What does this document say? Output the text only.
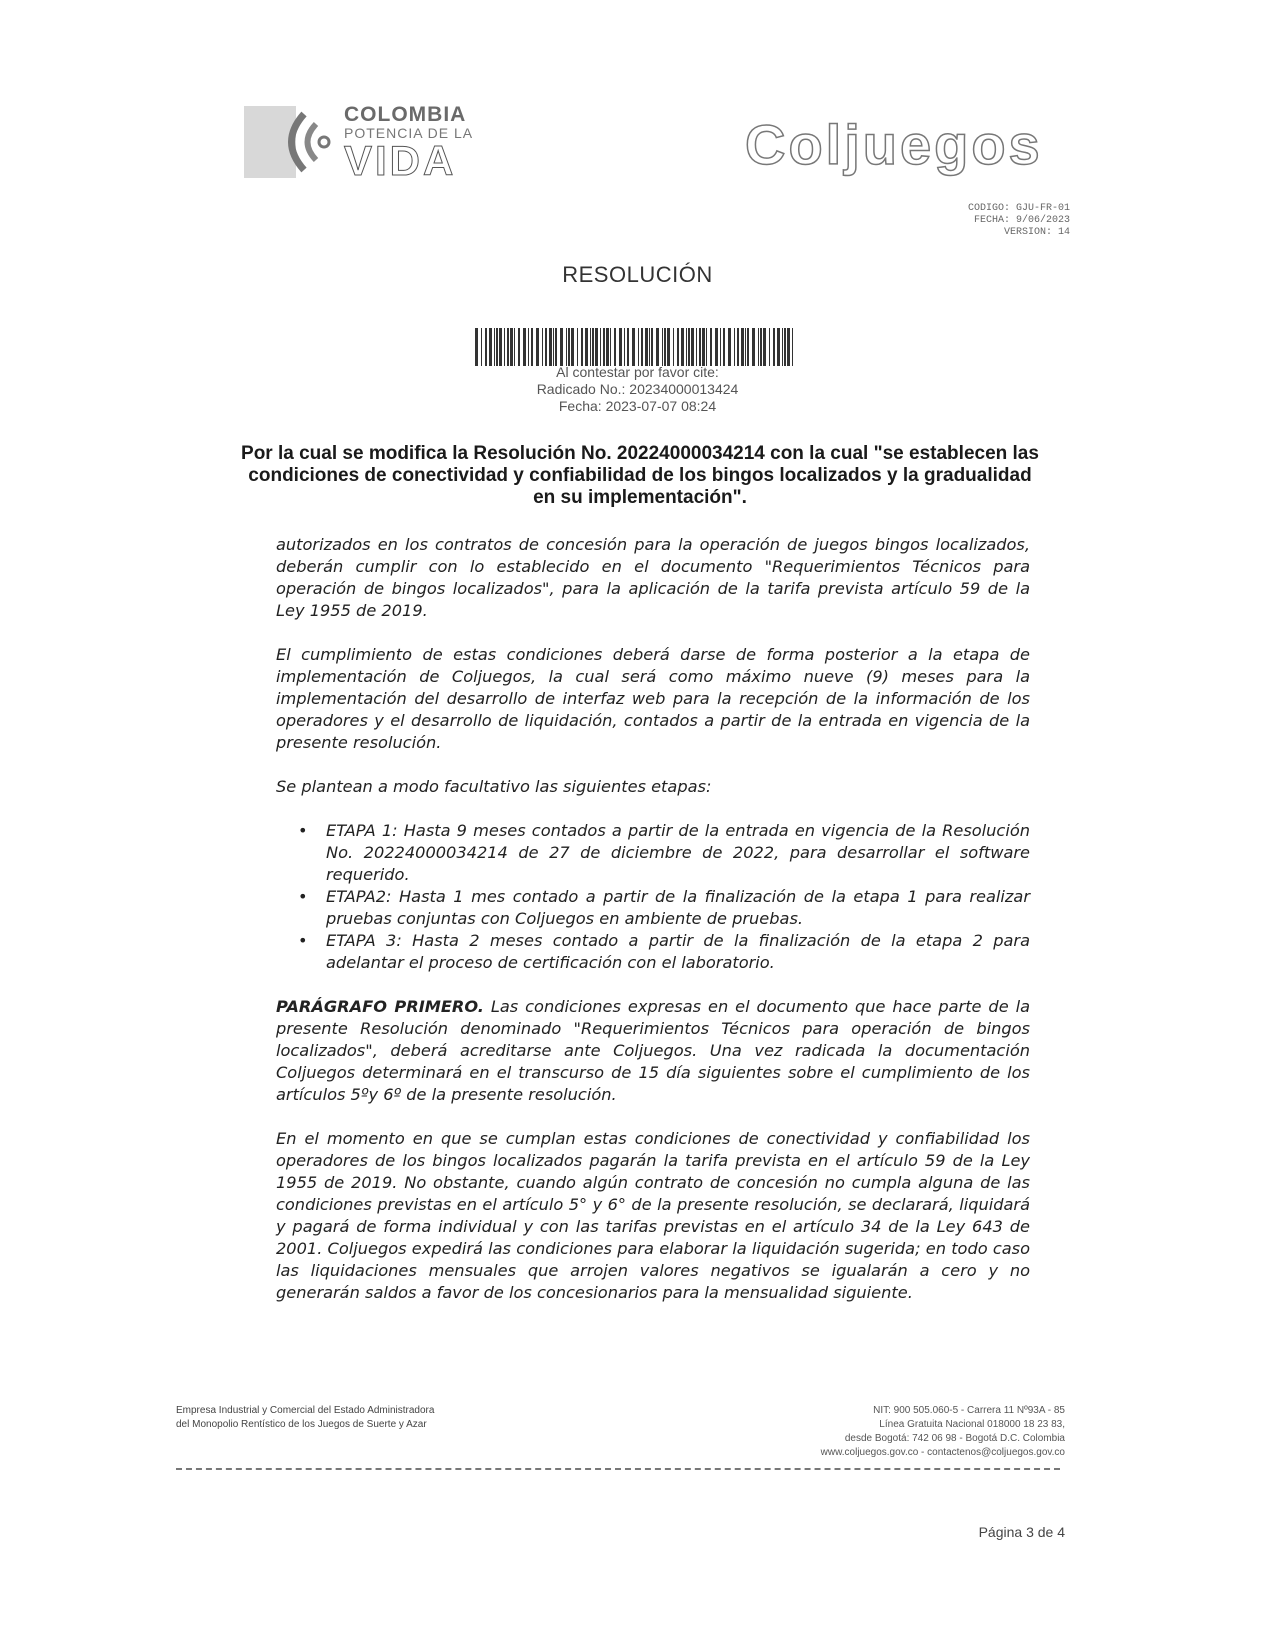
COLOMBIA
POTENCIA DE LA
VIDA	Coljuegos
CODIGO: GJU-FR-01
FECHA: 9/06/2023
VERSION: 14
RESOLUCIÓN
Al contestar por favor cite:
Radicado No.: 20234000013424
Fecha: 2023-07-07 08:24
Por la cual se modifica la Resolución No. 20224000034214 con la cual "se establecen las condiciones de conectividad y confiabilidad de los bingos localizados y la gradualidad en su implementación".

autorizados en los contratos de concesión para la operación de juegos bingos localizados, deberán cumplir con lo establecido en el documento "Requerimientos Técnicos para operación de bingos localizados", para la aplicación de la tarifa prevista artículo 59 de la Ley 1955 de 2019.

El cumplimiento de estas condiciones deberá darse de forma posterior a la etapa de implementación de Coljuegos, la cual será como máximo nueve (9) meses para la implementación del desarrollo de interfaz web para la recepción de la información de los operadores y el desarrollo de liquidación, contados a partir de la entrada en vigencia de la presente resolución.

Se plantean a modo facultativo las siguientes etapas:

• ETAPA 1: Hasta 9 meses contados a partir de la entrada en vigencia de la Resolución No. 20224000034214 de 27 de diciembre de 2022, para desarrollar el software requerido.
• ETAPA2: Hasta 1 mes contado a partir de la finalización de la etapa 1 para realizar pruebas conjuntas con Coljuegos en ambiente de pruebas.
• ETAPA 3: Hasta 2 meses contado a partir de la finalización de la etapa 2 para adelantar el proceso de certificación con el laboratorio.

PARÁGRAFO PRIMERO. Las condiciones expresas en el documento que hace parte de la presente Resolución denominado "Requerimientos Técnicos para operación de bingos localizados", deberá acreditarse ante Coljuegos. Una vez radicada la documentación Coljuegos determinará en el transcurso de 15 día siguientes sobre el cumplimiento de los artículos 5ºy 6º de la presente resolución.

En el momento en que se cumplan estas condiciones de conectividad y confiabilidad los operadores de los bingos localizados pagarán la tarifa prevista en el artículo 59 de la Ley 1955 de 2019. No obstante, cuando algún contrato de concesión no cumpla alguna de las condiciones previstas en el artículo 5° y 6° de la presente resolución, se declarará, liquidará y pagará de forma individual y con las tarifas previstas en el artículo 34 de la Ley 643 de 2001. Coljuegos expedirá las condiciones para elaborar la liquidación sugerida; en todo caso las liquidaciones mensuales que arrojen valores negativos se igualarán a cero y no generarán saldos a favor de los concesionarios para la mensualidad siguiente.

Empresa Industrial y Comercial del Estado Administradora
del Monopolio Rentístico de los Juegos de Suerte y Azar
NIT: 900 505.060-5 - Carrera 11 Nº93A - 85
Línea Gratuita Nacional 018000 18 23 83,
desde Bogotá: 742 06 98 - Bogotá D.C. Colombia
www.coljuegos.gov.co - contactenos@coljuegos.gov.co
Página 3 de 4
